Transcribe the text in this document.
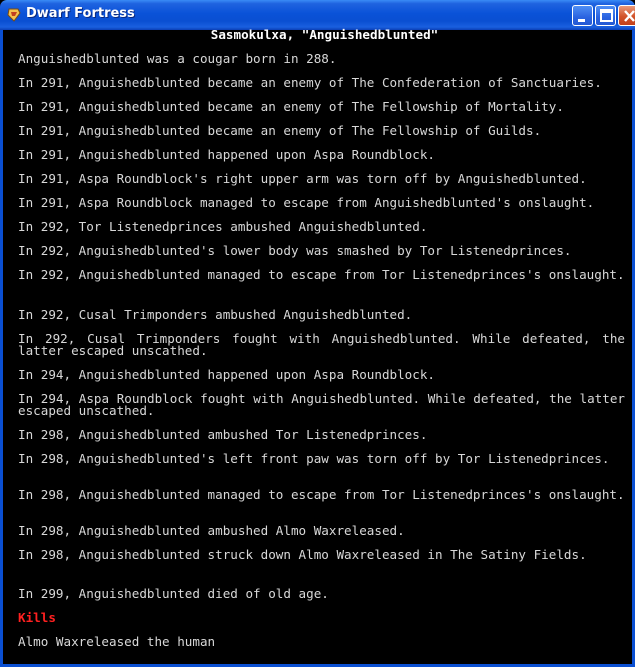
Dwarf Fortress
Sasmokulxa, "Anguishedblunted"
Anguishedblunted was a cougar born in 288.
In 291, Anguishedblunted became an enemy of The Confederation of Sanctuaries.
In 291, Anguishedblunted became an enemy of The Fellowship of Mortality.
In 291, Anguishedblunted became an enemy of The Fellowship of Guilds.
In 291, Anguishedblunted happened upon Aspa Roundblock.
In 291, Aspa Roundblock's right upper arm was torn off by Anguishedblunted.
In 291, Aspa Roundblock managed to escape from Anguishedblunted's onslaught.
In 292, Tor Listenedprinces ambushed Anguishedblunted.
In 292, Anguishedblunted's lower body was smashed by Tor Listenedprinces.
In 292, Anguishedblunted managed to escape from Tor Listenedprinces's onslaught.
In 292, Cusal Trimponders ambushed Anguishedblunted.
In 292, Cusal Trimponders fought with Anguishedblunted. While defeated, the latter escaped unscathed.
In 294, Anguishedblunted happened upon Aspa Roundblock.
In 294, Aspa Roundblock fought with Anguishedblunted. While defeated, the latter escaped unscathed.
In 298, Anguishedblunted ambushed Tor Listenedprinces.
In 298, Anguishedblunted's left front paw was torn off by Tor Listenedprinces.
In 298, Anguishedblunted managed to escape from Tor Listenedprinces's onslaught.
In 298, Anguishedblunted ambushed Almo Waxreleased.
In 298, Anguishedblunted struck down Almo Waxreleased in The Satiny Fields.
In 299, Anguishedblunted died of old age.
Kills
Almo Waxreleased the human
